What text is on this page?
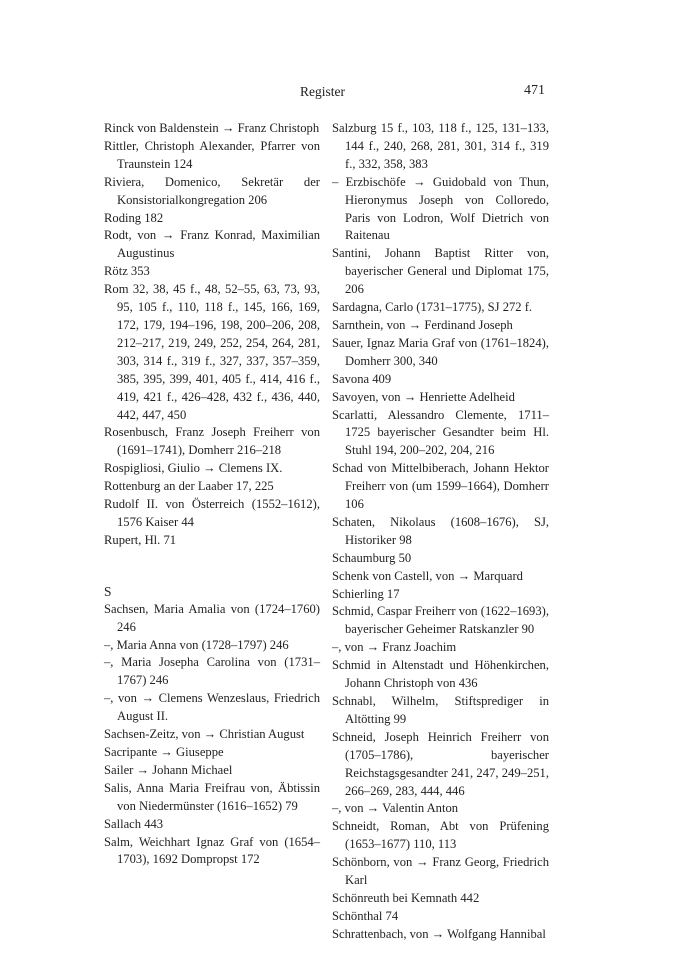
Register	471
Rinck von Baldenstein → Franz Christoph
Rittler, Christoph Alexander, Pfarrer von Traunstein 124
Riviera, Domenico, Sekretär der Konsistorialkongregation 206
Roding 182
Rodt, von → Franz Konrad, Maximilian Augustinus
Rötz 353
Rom 32, 38, 45 f., 48, 52–55, 63, 73, 93, 95, 105 f., 110, 118 f., 145, 166, 169, 172, 179, 194–196, 198, 200–206, 208, 212–217, 219, 249, 252, 254, 264, 281, 303, 314 f., 319 f., 327, 337, 357–359, 385, 395, 399, 401, 405 f., 414, 416 f., 419, 421 f., 426–428, 432 f., 436, 440, 442, 447, 450
Rosenbusch, Franz Joseph Freiherr von (1691–1741), Domherr 216–218
Rospigliosi, Giulio → Clemens IX.
Rottenburg an der Laaber 17, 225
Rudolf II. von Österreich (1552–1612), 1576 Kaiser 44
Rupert, Hl. 71
S
Sachsen, Maria Amalia von (1724–1760) 246
–, Maria Anna von (1728–1797) 246
–, Maria Josepha Carolina von (1731–1767) 246
–, von → Clemens Wenzeslaus, Friedrich August II.
Sachsen-Zeitz, von → Christian August
Sacripante → Giuseppe
Sailer → Johann Michael
Salis, Anna Maria Freifrau von, Äbtissin von Niedermünster (1616–1652) 79
Sallach 443
Salm, Weichhart Ignaz Graf von (1654–1703), 1692 Dompropst 172
Salzburg 15 f., 103, 118 f., 125, 131–133, 144 f., 240, 268, 281, 301, 314 f., 319 f., 332, 358, 383
– Erzbischöfe → Guidobald von Thun, Hieronymus Joseph von Colloredo, Paris von Lodron, Wolf Dietrich von Raitenau
Santini, Johann Baptist Ritter von, bayerischer General und Diplomat 175, 206
Sardagna, Carlo (1731–1775), SJ 272 f.
Sarnthein, von → Ferdinand Joseph
Sauer, Ignaz Maria Graf von (1761–1824), Domherr 300, 340
Savona 409
Savoyen, von → Henriette Adelheid
Scarlatti, Alessandro Clemente, 1711–1725 bayerischer Gesandter beim Hl. Stuhl 194, 200–202, 204, 216
Schad von Mittelbiberach, Johann Hektor Freiherr von (um 1599–1664), Domherr 106
Schaten, Nikolaus (1608–1676), SJ, Historiker 98
Schaumburg 50
Schenk von Castell, von → Marquard
Schierling 17
Schmid, Caspar Freiherr von (1622–1693), bayerischer Geheimer Ratskanzler 90
–, von → Franz Joachim
Schmid in Altenstadt und Höhenkirchen, Johann Christoph von 436
Schnabl, Wilhelm, Stiftsprediger in Altötting 99
Schneid, Joseph Heinrich Freiherr von (1705–1786), bayerischer Reichstagsgesandter 241, 247, 249–251, 266–269, 283, 444, 446
–, von → Valentin Anton
Schneidt, Roman, Abt von Prüfening (1653–1677) 110, 113
Schönborn, von → Franz Georg, Friedrich Karl
Schönreuth bei Kemnath 442
Schönthal 74
Schrattenbach, von → Wolfgang Hannibal
